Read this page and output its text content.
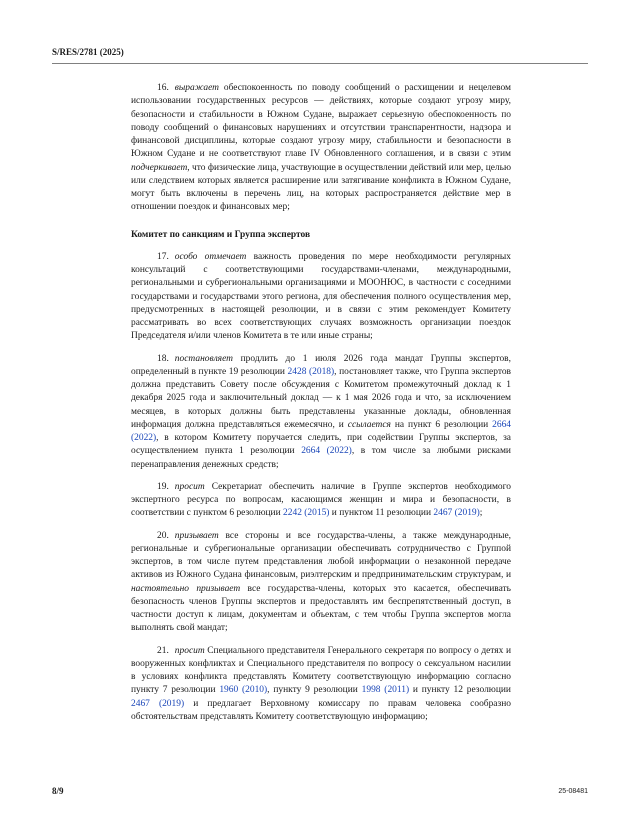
S/RES/2781 (2025)

16. выражает обеспокоенность по поводу сообщений о расхищении и нецелевом использовании государственных ресурсов — действиях, которые создают угрозу миру, безопасности и стабильности в Южном Судане, выражает серьезную обеспокоенность по поводу сообщений о финансовых нарушениях и отсутствии транспарентности, надзора и финансовой дисциплины, которые создают угрозу миру, стабильности и безопасности в Южном Судане и не соответствуют главе IV Обновленного соглашения, и в связи с этим подчеркивает, что физические лица, участвующие в осуществлении действий или мер, целью или следствием которых является расширение или затягивание конфликта в Южном Судане, могут быть включены в перечень лиц, на которых распространяется действие мер в отношении поездок и финансовых мер;

Комитет по санкциям и Группа экспертов

17. особо отмечает важность проведения по мере необходимости регулярных консультаций с соответствующими государствами-членами, международными, региональными и субрегиональными организациями и МООНЮС, в частности с соседними государствами и государствами этого региона, для обеспечения полного осуществления мер, предусмотренных в настоящей резолюции, и в связи с этим рекомендует Комитету рассматривать во всех соответствующих случаях возможность организации поездок Председателя и/или членов Комитета в те или иные страны;

18. постановляет продлить до 1 июля 2026 года мандат Группы экспертов, определенный в пункте 19 резолюции 2428 (2018), постановляет также, что Группа экспертов должна представить Совету после обсуждения с Комитетом промежуточный доклад к 1 декабря 2025 года и заключительный доклад — к 1 мая 2026 года и что, за исключением месяцев, в которых должны быть представлены указанные доклады, обновленная информация должна представляться ежемесячно, и ссылается на пункт 6 резолюции 2664 (2022), в котором Комитету поручается следить, при содействии Группы экспертов, за осуществлением пункта 1 резолюции 2664 (2022), в том числе за любыми рисками перенаправления денежных средств;

19. просит Секретариат обеспечить наличие в Группе экспертов необходимого экспертного ресурса по вопросам, касающимся женщин и мира и безопасности, в соответствии с пунктом 6 резолюции 2242 (2015) и пунктом 11 резолюции 2467 (2019);

20. призывает все стороны и все государства-члены, а также международные, региональные и субрегиональные организации обеспечивать сотрудничество с Группой экспертов, в том числе путем представления любой информации о незаконной передаче активов из Южного Судана финансовым, риэлтерским и предпринимательским структурам, и настоятельно призывает все государства-члены, которых это касается, обеспечивать безопасность членов Группы экспертов и предоставлять им беспрепятственный доступ, в частности доступ к лицам, документам и объектам, с тем чтобы Группа экспертов могла выполнять свой мандат;

21. просит Специального представителя Генерального секретаря по вопросу о детях и вооруженных конфликтах и Специального представителя по вопросу о сексуальном насилии в условиях конфликта представлять Комитету соответствующую информацию согласно пункту 7 резолюции 1960 (2010), пункту 9 резолюции 1998 (2011) и пункту 12 резолюции 2467 (2019) и предлагает Верховному комиссару по правам человека сообразно обстоятельствам представлять Комитету соответствующую информацию;

8/9	25-08481
